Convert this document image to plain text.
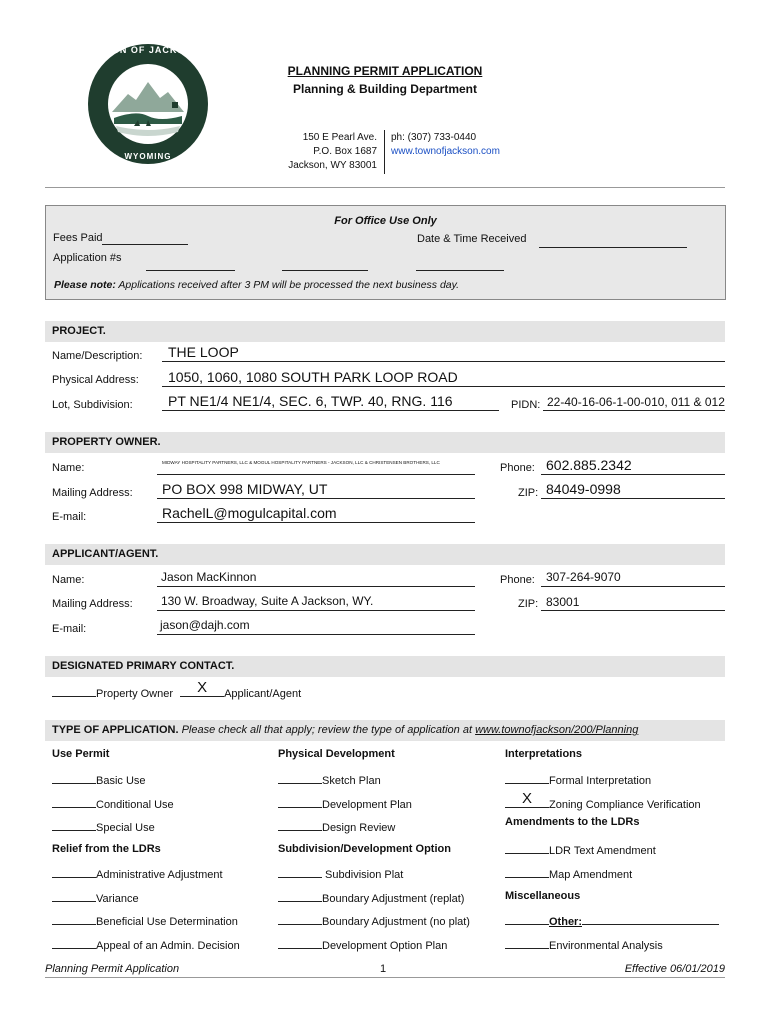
TOWN OF JACKSON
WYOMING
PLANNING PERMIT APPLICATION
Planning & Building Department
150 E Pearl Ave.
P.O. Box 1687
Jackson, WY 83001
ph: (307) 733-0440
www.townofjackson.com
For Office Use Only
Fees Paid	Date & Time Received
Application #s
Please note: Applications received after 3 PM will be processed the next business day.
PROJECT.
Name/Description: THE LOOP
Physical Address: 1050, 1060, 1080 SOUTH PARK LOOP ROAD
Lot, Subdivision:	PT NE1/4 NE1/4, SEC. 6, TWP. 40, RNG. 116	PIDN: 22-40-16-06-1-00-010, 011 & 012
PROPERTY OWNER.
Name:	MIDWAY HOSPITALITY PARTNERS, LLC & MOGUL HOSPITALITY PARTNERS - JACKSON, LLC & CHRISTENSEN BROTHERS, LLC	Phone: 602.885.2342
Mailing Address: PO BOX 998 MIDWAY, UT	ZIP: 84049-0998
E-mail:	RachelL@mogulcapital.com
APPLICANT/AGENT.
Name:	Jason MacKinnon	Phone: 307-264-9070
Mailing Address: 130 W. Broadway, Suite A Jackson, WY.	ZIP: 83001
E-mail:	jason@dajh.com
DESIGNATED PRIMARY CONTACT.
Property Owner	X	Applicant/Agent
TYPE OF APPLICATION. Please check all that apply; review the type of application at www.townofjackson/200/Planning
Use Permit
Basic Use
Conditional Use
Special Use
Relief from the LDRs
Administrative Adjustment
Variance
Beneficial Use Determination
Appeal of an Admin. Decision
Physical Development
Sketch Plan
Development Plan
Design Review
Subdivision/Development Option
Subdivision Plat
Boundary Adjustment (replat)
Boundary Adjustment (no plat)
Development Option Plan
Interpretations
Formal Interpretation
X	Zoning Compliance Verification
Amendments to the LDRs
LDR Text Amendment
Map Amendment
Miscellaneous
Other:
Environmental Analysis
Planning Permit Application	1	Effective 06/01/2019
